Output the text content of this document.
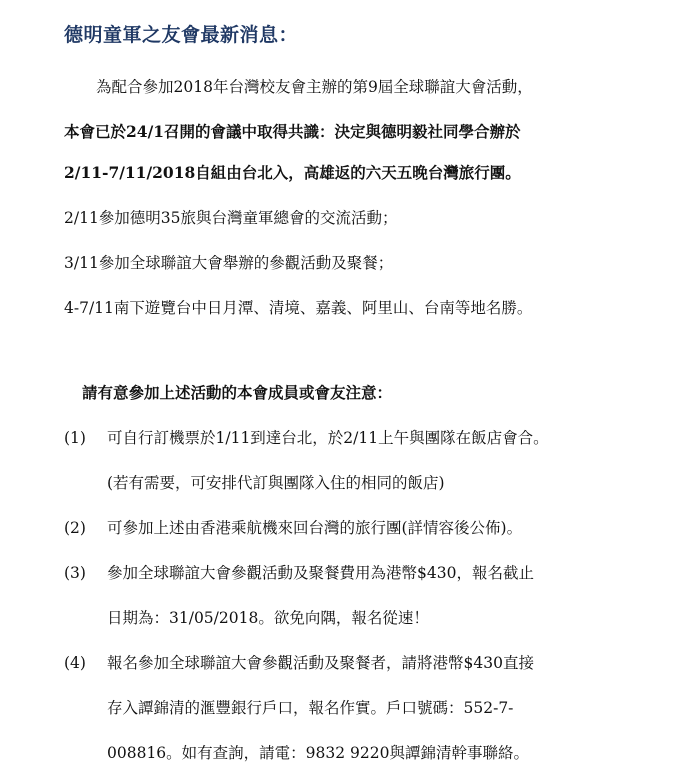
德明童軍之友會最新消息：
為配合參加2018年台灣校友會主辦的第9屆全球聯誼大會活動，
本會已於24/1召開的會議中取得共識：決定與德明毅社同學合辦於
2/11-7/11/2018自組由台北入，高雄返的六天五晚台灣旅行團。
2/11參加德明35旅與台灣童軍總會的交流活動；
3/11參加全球聯誼大會舉辦的參觀活動及聚餐；
4-7/11南下遊覽台中日月潭、清境、嘉義、阿里山、台南等地名勝。
請有意參加上述活動的本會成員或會友注意：
(1) 可自行訂機票於1/11到達台北，於2/11上午與團隊在飯店會合。
(若有需要，可安排代訂與團隊入住的相同的飯店)
(2) 可參加上述由香港乘航機來回台灣的旅行團(詳情容後公佈)。
(3) 參加全球聯誼大會參觀活動及聚餐費用為港幣$430，報名截止
日期為：31/05/2018。欲免向隅，報名從速！
(4) 報名參加全球聯誼大會參觀活動及聚餐者，請將港幣$430直接
存入譚錦清的滙豐銀行戶口，報名作實。戶口號碼：552-7-
008816。如有查詢，請電：9832 9220與譚錦清幹事聯絡。
